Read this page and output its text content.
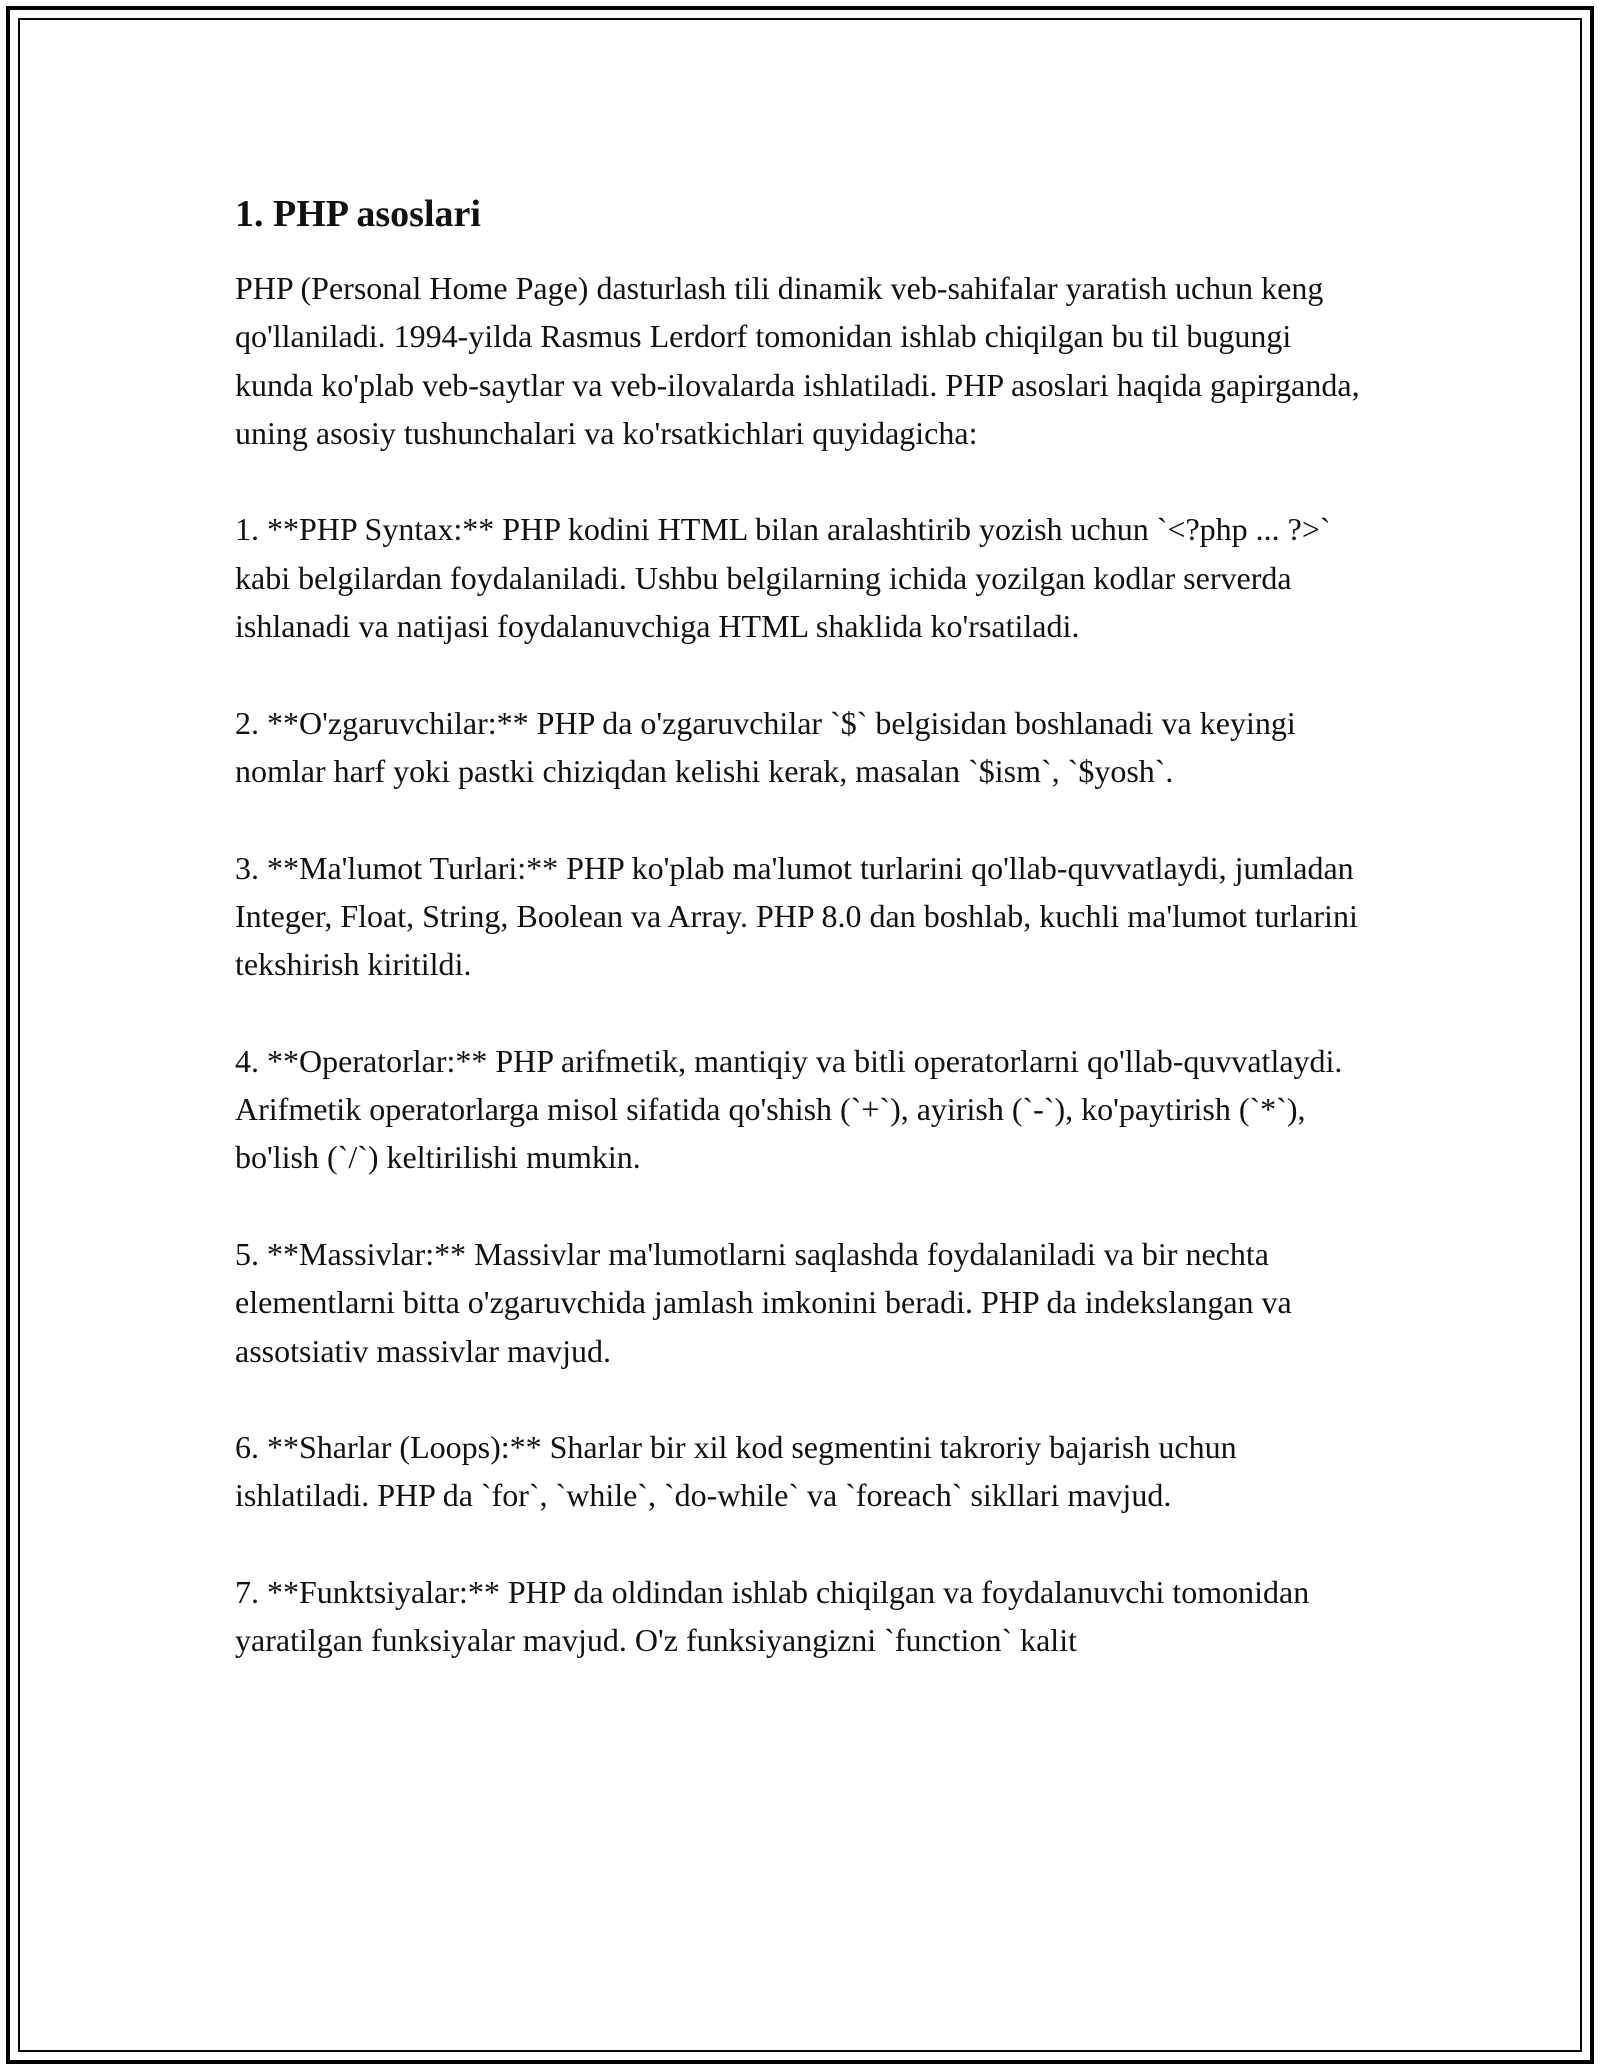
1. PHP asoslari

PHP (Personal Home Page) dasturlash tili dinamik veb-sahifalar yaratish uchun keng qo'llaniladi. 1994-yilda Rasmus Lerdorf tomonidan ishlab chiqilgan bu til bugungi kunda ko'plab veb-saytlar va veb-ilovalarda ishlatiladi. PHP asoslari haqida gapirganda, uning asosiy tushunchalari va ko'rsatkichlari quyidagicha:

1. **PHP Syntax:** PHP kodini HTML bilan aralashtirib yozish uchun `<?php ... ?>` kabi belgilardan foydalaniladi. Ushbu belgilarning ichida yozilgan kodlar serverda ishlanadi va natijasi foydalanuvchiga HTML shaklida ko'rsatiladi.

2. **O'zgaruvchilar:** PHP da o'zgaruvchilar `$` belgisidan boshlanadi va keyingi nomlar harf yoki pastki chiziqdan kelishi kerak, masalan `$ism`, `$yosh`.

3. **Ma'lumot Turlari:** PHP ko'plab ma'lumot turlarini qo'llab-quvvatlaydi, jumladan Integer, Float, String, Boolean va Array. PHP 8.0 dan boshlab, kuchli ma'lumot turlarini tekshirish kiritildi.

4. **Operatorlar:** PHP arifmetik, mantiqiy va bitli operatorlarni qo'llab-quvvatlaydi. Arifmetik operatorlarga misol sifatida qo'shish (`+`), ayirish (`-`), ko'paytirish (`*`), bo'lish (`/`) keltirilishi mumkin.

5. **Massivlar:** Massivlar ma'lumotlarni saqlashda foydalaniladi va bir nechta elementlarni bitta o'zgaruvchida jamlash imkonini beradi. PHP da indekslangan va assotsiativ massivlar mavjud.

6. **Sharlar (Loops):** Sharlar bir xil kod segmentini takroriy bajarish uchun ishlatiladi. PHP da `for`, `while`, `do-while` va `foreach` sikllari mavjud.

7. **Funktsiyalar:** PHP da oldindan ishlab chiqilgan va foydalanuvchi tomonidan yaratilgan funksiyalar mavjud. O'z funksiyangizni `function` kalit
